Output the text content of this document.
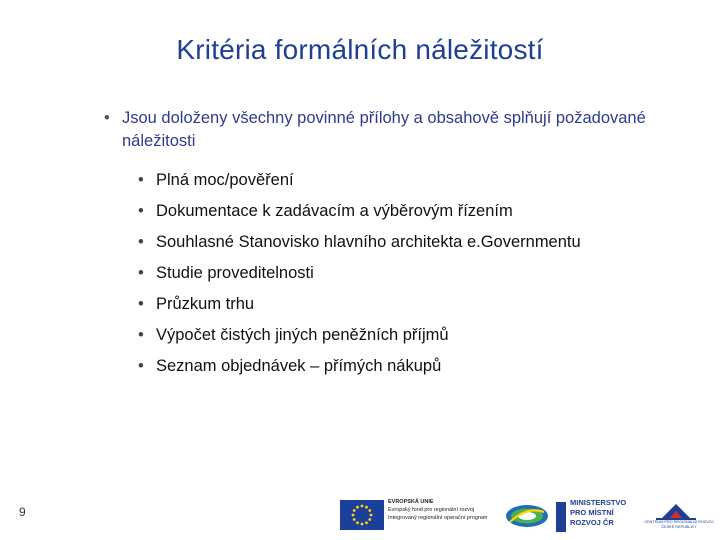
Kritéria formálních náležitostí
• Jsou doloženy všechny povinné přílohy a obsahově splňují požadované náležitosti
• Plná moc/pověření
• Dokumentace k zadávacím a výběrovým řízením
• Souhlasné Stanovisko hlavního architekta e.Governmentu
• Studie proveditelnosti
• Průzkum trhu
• Výpočet čistých jiných peněžních příjmů
• Seznam objednávek – přímých nákupů
9
EVROPSKÁ UNIE
Evropský fond pro regionální rozvoj
Integrovaný regionální operační program
MINISTERSTVO
PRO MÍSTNÍ
ROZVOJ ČR	CENTRUM PRO REGIONÁLNÍ ROZVOJ
ČESKÉ REPUBLIKY
